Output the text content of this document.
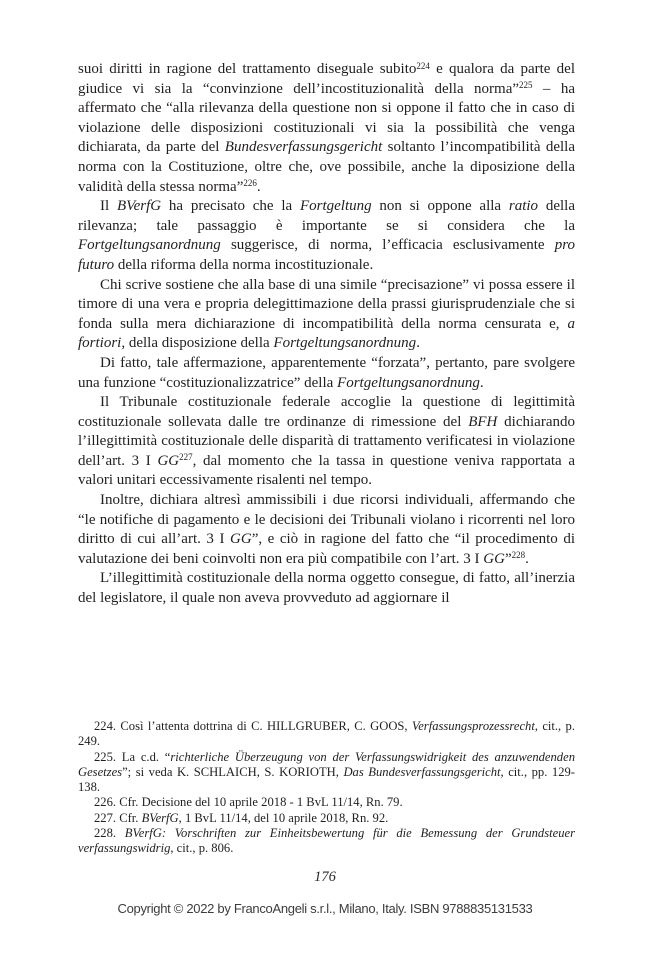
suoi diritti in ragione del trattamento diseguale subito$^{224}$ e qualora da parte del giudice vi sia la “convinzione dell’incostituzionalità della norma”$^{225}$ – ha affermato che “alla rilevanza della questione non si oppone il fatto che in caso di violazione delle disposizioni costituzionali vi sia la possibilità che venga dichiarata, da parte del Bundesverfassungsgericht soltanto l’incompatibilità della norma con la Costituzione, oltre che, ove possibile, anche la diposizione della validità della stessa norma”$^{226}$.

Il BVerfG ha precisato che la Fortgeltung non si oppone alla ratio della rilevanza; tale passaggio è importante se si considera che la Fortgeltungsanordnung suggerisce, di norma, l’efficacia esclusivamente pro futuro della riforma della norma incostituzionale.

Chi scrive sostiene che alla base di una simile “precisazione” vi possa essere il timore di una vera e propria delegittimazione della prassi giurisprudenziale che si fonda sulla mera dichiarazione di incompatibilità della norma censurata e, a fortiori, della disposizione della Fortgeltungsanordnung.

Di fatto, tale affermazione, apparentemente “forzata”, pertanto, pare svolgere una funzione “costituzionalizzatrice” della Fortgeltungsanordnung.

Il Tribunale costituzionale federale accoglie la questione di legittimità costituzionale sollevata dalle tre ordinanze di rimessione del BFH dichiarando l’illegittimità costituzionale delle disparità di trattamento verificatesi in violazione dell’art. 3 I GG$^{227}$, dal momento che la tassa in questione veniva rapportata a valori unitari eccessivamente risalenti nel tempo.

Inoltre, dichiara altresì ammissibili i due ricorsi individuali, affermando che “le notifiche di pagamento e le decisioni dei Tribunali violano i ricorrenti nel loro diritto di cui all’art. 3 I GG”, e ciò in ragione del fatto che “il procedimento di valutazione dei beni coinvolti non era più compatibile con l’art. 3 I GG”$^{228}$.

L’illegittimità costituzionale della norma oggetto consegue, di fatto, all’inerzia del legislatore, il quale non aveva provveduto ad aggiornare il

224. Così l’attenta dottrina di C. HILLGRUBER, C. GOOS, Verfassungsprozessrecht, cit., p. 249.

225. La c.d. “richterliche Überzeugung von der Verfassungswidrigkeit des anzuwendenden Gesetzes”; si veda K. SCHLAICH, S. KORIOTH, Das Bundesverfassungsgericht, cit., pp. 129-138.

226. Cfr. Decisione del 10 aprile 2018 - 1 BvL 11/14, Rn. 79.

227. Cfr. BVerfG, 1 BvL 11/14, del 10 aprile 2018, Rn. 92.

228. BVerfG: Vorschriften zur Einheitsbewertung für die Bemessung der Grundsteuer verfassungswidrig, cit., p. 806.

176
Copyright © 2022 by FrancoAngeli s.r.l., Milano, Italy. ISBN 9788835131533
